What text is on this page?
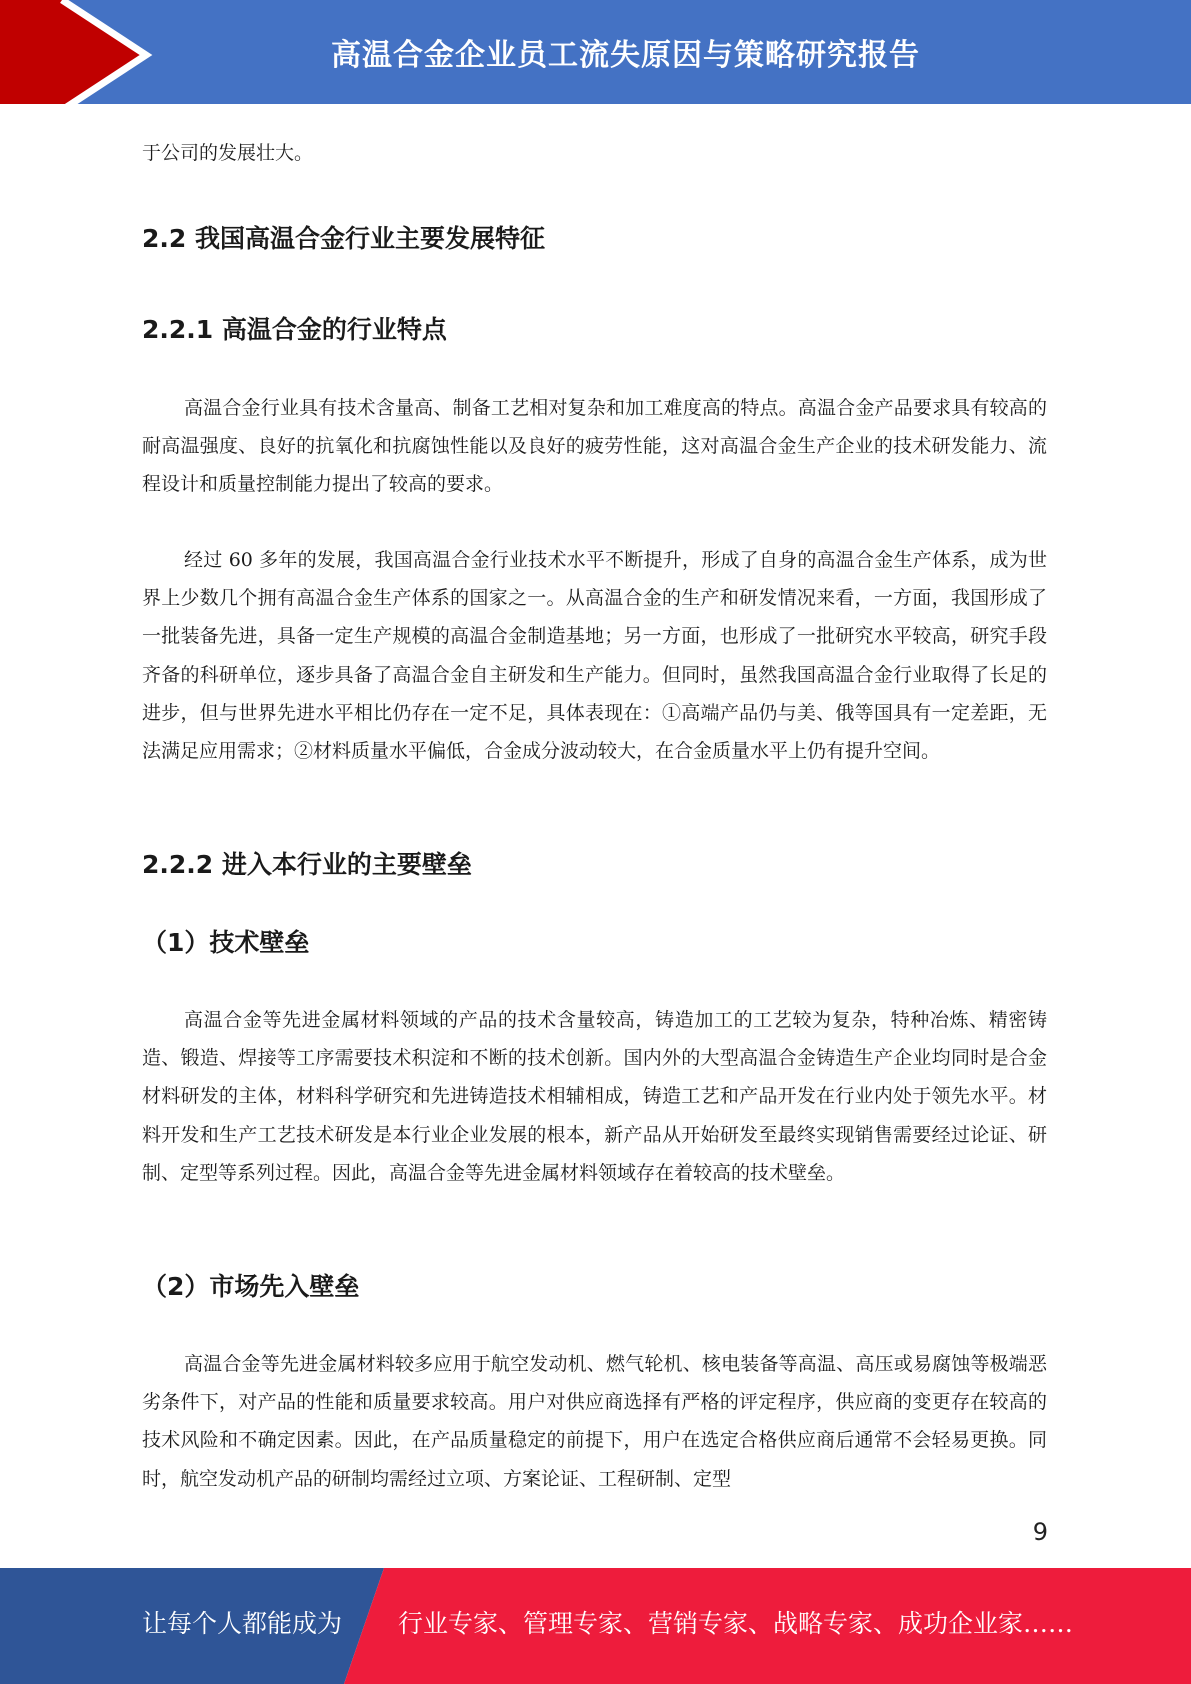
高温合金企业员工流失原因与策略研究报告

于公司的发展壮大。

2.2 我国高温合金行业主要发展特征
2.2.1 高温合金的行业特点

高温合金行业具有技术含量高、制备工艺相对复杂和加工难度高的特点。高温合金产品要求具有较高的耐高温强度、良好的抗氧化和抗腐蚀性能以及良好的疲劳性能，这对高温合金生产企业的技术研发能力、流程设计和质量控制能力提出了较高的要求。

经过 60 多年的发展，我国高温合金行业技术水平不断提升，形成了自身的高温合金生产体系，成为世界上少数几个拥有高温合金生产体系的国家之一。从高温合金的生产和研发情况来看，一方面，我国形成了一批装备先进，具备一定生产规模的高温合金制造基地；另一方面，也形成了一批研究水平较高，研究手段齐备的科研单位，逐步具备了高温合金自主研发和生产能力。但同时，虽然我国高温合金行业取得了长足的进步，但与世界先进水平相比仍存在一定不足，具体表现在：①高端产品仍与美、俄等国具有一定差距，无法满足应用需求；②材料质量水平偏低，合金成分波动较大，在合金质量水平上仍有提升空间。

2.2.2 进入本行业的主要壁垒
（1）技术壁垒

高温合金等先进金属材料领域的产品的技术含量较高，铸造加工的工艺较为复杂，特种冶炼、精密铸造、锻造、焊接等工序需要技术积淀和不断的技术创新。国内外的大型高温合金铸造生产企业均同时是合金材料研发的主体，材料科学研究和先进铸造技术相辅相成，铸造工艺和产品开发在行业内处于领先水平。材料开发和生产工艺技术研发是本行业企业发展的根本，新产品从开始研发至最终实现销售需要经过论证、研制、定型等系列过程。因此，高温合金等先进金属材料领域存在着较高的技术壁垒。

（2）市场先入壁垒

高温合金等先进金属材料较多应用于航空发动机、燃气轮机、核电装备等高温、高压或易腐蚀等极端恶劣条件下，对产品的性能和质量要求较高。用户对供应商选择有严格的评定程序，供应商的变更存在较高的技术风险和不确定因素。因此，在产品质量稳定的前提下，用户在选定合格供应商后通常不会轻易更换。同时，航空发动机产品的研制均需经过立项、方案论证、工程研制、定型

9
让每个人都能成为 行业专家、管理专家、营销专家、战略专家、成功企业家……
